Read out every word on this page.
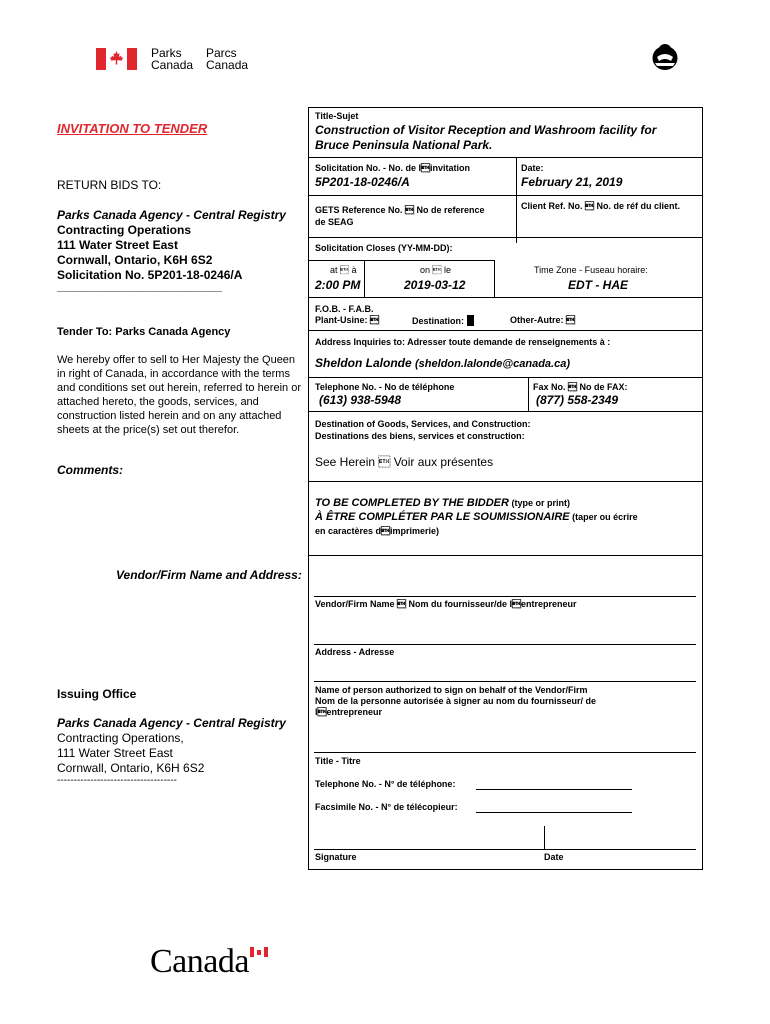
Parks
Canada
Parcs
Canada
INVITATION TO TENDER
RETURN BIDS TO:
Parks Canada Agency - Central Registry
Contracting Operations
111 Water Street East
Cornwall, Ontario, K6H 6S2
Solicitation No. 5P201-18-0246/A
___________________________
Tender To: Parks Canada Agency
We hereby offer to sell to Her Majesty the Queen
in right of Canada, in accordance with the terms
and conditions set out herein, referred to herein or
attached hereto, the goods, services, and
construction listed herein and on any attached
sheets at the price(s) set out therefor.
Comments:
Vendor/Firm Name and Address:
Issuing Office
Parks Canada Agency - Central Registry
Contracting Operations,
111 Water Street East
Cornwall, Ontario, K6H 6S2
------------------------------------
Title-Sujet
Construction of Visitor Reception and Washroom facility for
Bruce Peninsula National Park.
Solicitation No. - No. de linvitation
5P201-18-0246/A
Date:
February 21, 2019
GETS Reference No.  No de reference
de SEAG
Client Ref. No.  No. de réf du client.
Solicitation Closes (YY-MM-DD):
at  à
2:00 PM
on  le
2019-03-12
Time Zone - Fuseau horaire:
EDT - HAE
F.O.B. - F.A.B.
Plant-Usine: 	Destination:	Other-Autre: 
Address Inquiries to: Adresser toute demande de renseignements à :
Sheldon Lalonde (sheldon.lalonde@canada.ca)
Telephone No. - No de téléphone
(613) 938-5948
Fax No.  No de FAX:
(877) 558-2349
Destination of Goods, Services, and Construction:
Destinations des biens, services et construction:
See Herein  Voir aux présentes
TO BE COMPLETED BY THE BIDDER (type or print)
À ÊTRE COMPLÉTER PAR LE SOUMISSIONAIRE (taper ou écrire
en caractères dimprimerie)
Vendor/Firm Name  Nom du fournisseur/de lentrepreneur
Address - Adresse
Name of person authorized to sign on behalf of the Vendor/Firm
Nom de la personne autorisée à signer au nom du fournisseur/ de
lentrepreneur
Title - Titre
Telephone No. - N° de téléphone:
Facsimile No. - N° de télécopieur:
Signature	Date
Canada
